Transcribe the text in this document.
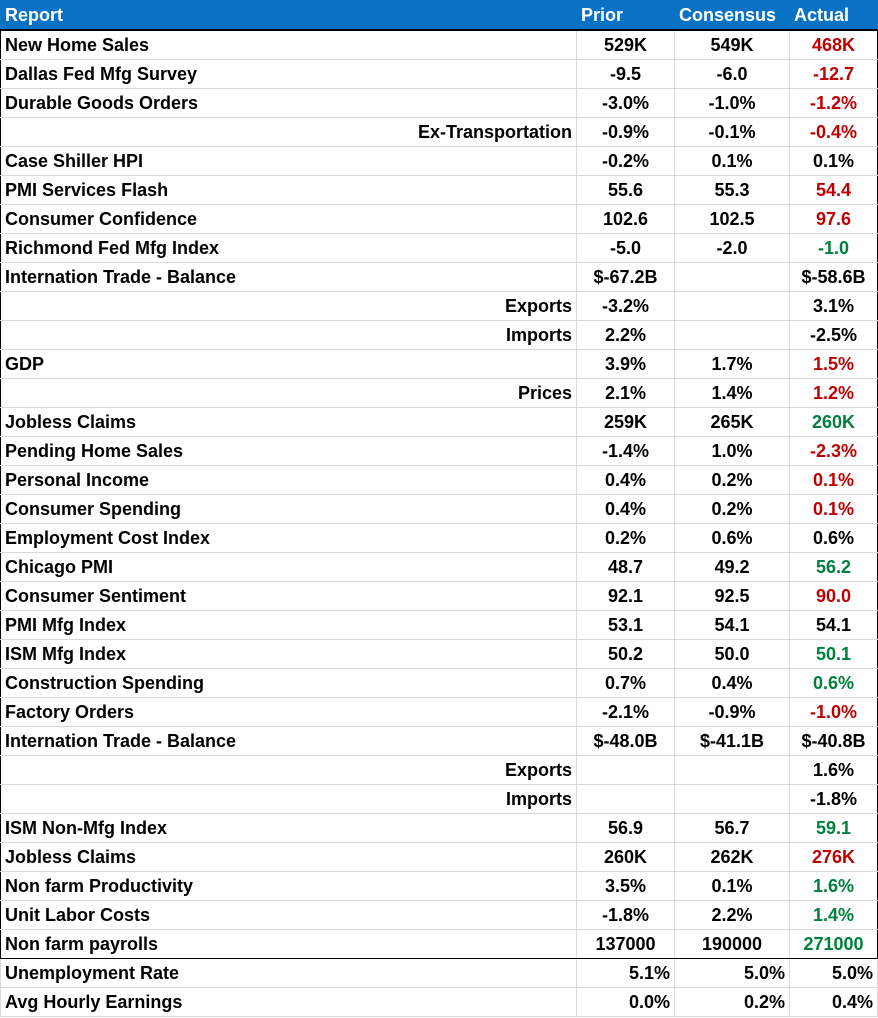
Report	Prior	Consensus	Actual
New Home Sales	529K	549K	468K
Dallas Fed Mfg Survey	-9.5	-6.0	-12.7
Durable Goods Orders	-3.0%	-1.0%	-1.2%
Ex-Transportation	-0.9%	-0.1%	-0.4%
Case Shiller HPI	-0.2%	0.1%	0.1%
PMI Services Flash	55.6	55.3	54.4
Consumer Confidence	102.6	102.5	97.6
Richmond Fed Mfg Index	-5.0	-2.0	-1.0
Internation Trade - Balance	$-67.2B		$-58.6B
Exports	-3.2%		3.1%
Imports	2.2%		-2.5%
GDP	3.9%	1.7%	1.5%
Prices	2.1%	1.4%	1.2%
Jobless Claims	259K	265K	260K
Pending Home Sales	-1.4%	1.0%	-2.3%
Personal Income	0.4%	0.2%	0.1%
Consumer Spending	0.4%	0.2%	0.1%
Employment Cost Index	0.2%	0.6%	0.6%
Chicago PMI	48.7	49.2	56.2
Consumer Sentiment	92.1	92.5	90.0
PMI Mfg Index	53.1	54.1	54.1
ISM Mfg Index	50.2	50.0	50.1
Construction Spending	0.7%	0.4%	0.6%
Factory Orders	-2.1%	-0.9%	-1.0%
Internation Trade - Balance	$-48.0B	$-41.1B	$-40.8B
Exports			1.6%
Imports			-1.8%
ISM Non-Mfg Index	56.9	56.7	59.1
Jobless Claims	260K	262K	276K
Non farm Productivity	3.5%	0.1%	1.6%
Unit Labor Costs	-1.8%	2.2%	1.4%
Non farm payrolls	137000	190000	271000
Unemployment Rate	5.1%	5.0%	5.0%
Avg Hourly Earnings	0.0%	0.2%	0.4%
